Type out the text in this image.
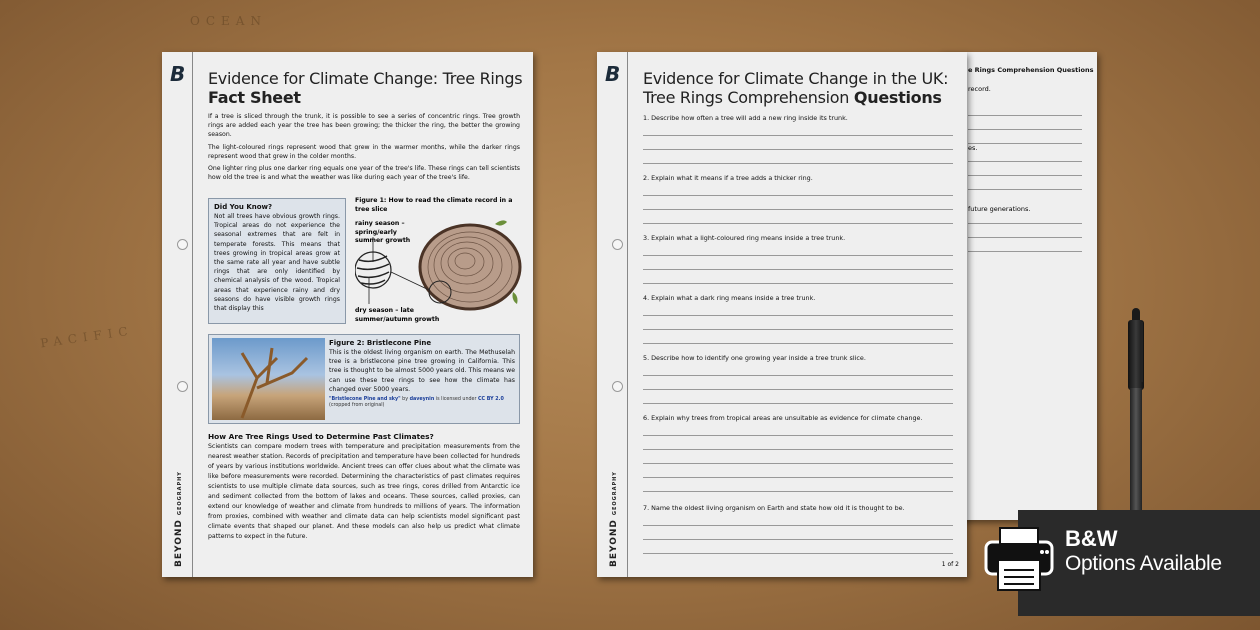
OCEAN
PACIFIC
e Rings Comprehension Questions
record.
es.
future generations.
B
BEYONDGEOGRAPHY
Evidence for Climate Change: Tree Rings
Fact Sheet

If a tree is sliced through the trunk, it is possible to see a series of concentric rings. Tree growth rings are added each year the tree has been growing; the thicker the ring, the better the growing season.

The light-coloured rings represent wood that grew in the warmer months, while the darker rings represent wood that grew in the colder months.

One lighter ring plus one darker ring equals one year of the tree's life. These rings can tell scientists how old the tree is and what the weather was like during each year of the tree's life.

Did You Know?

Not all trees have obvious growth rings. Tropical areas do not experience the seasonal extremes that are felt in temperate forests. This means that trees growing in tropical areas grow at the same rate all year and have subtle rings that are only identified by chemical analysis of the wood. Tropical areas that experience rainy and dry seasons do have visible growth rings that display this

Figure 1: How to read the climate record in a tree slice
rainy season – spring/early summer growth
dry season – late summer/autumn growth
Figure 2: Bristlecone Pine

This is the oldest living organism on earth. The Methuselah tree is a bristlecone pine tree growing in California. This tree is thought to be almost 5000 years old. This means we can use these tree rings to see how the climate has changed over 5000 years.

"Bristlecone Pine and sky" by daveynin is licensed under CC BY 2.0
(cropped from original)
How Are Tree Rings Used to Determine Past Climates?

Scientists can compare modern trees with temperature and precipitation measurements from the nearest weather station. Records of precipitation and temperature have been collected for hundreds of years by various institutions worldwide. Ancient trees can offer clues about what the climate was like before measurements were recorded. Determining the characteristics of past climates requires scientists to use multiple climate data sources, such as tree rings, cores drilled from Antarctic ice and sediment collected from the bottom of lakes and oceans. These sources, called proxies, can extend our knowledge of weather and climate from hundreds to millions of years. The information from proxies, combined with weather and climate data can help scientists model significant past climate events that shaped our planet. And these models can also help us predict what climate patterns to expect in the future.

B
BEYONDGEOGRAPHY
Evidence for Climate Change in the UK:
Tree Rings Comprehension Questions
1. Describe how often a tree will add a new ring inside its trunk.
2. Explain what it means if a tree adds a thicker ring.
3. Explain what a light-coloured ring means inside a tree trunk.
4. Explain what a dark ring means inside a tree trunk.
5. Describe how to identify one growing year inside a tree trunk slice.
6. Explain why trees from tropical areas are unsuitable as evidence for climate change.
7. Name the oldest living organism on Earth and state how old it is thought to be.
1 of 2
B&W
Options Available
